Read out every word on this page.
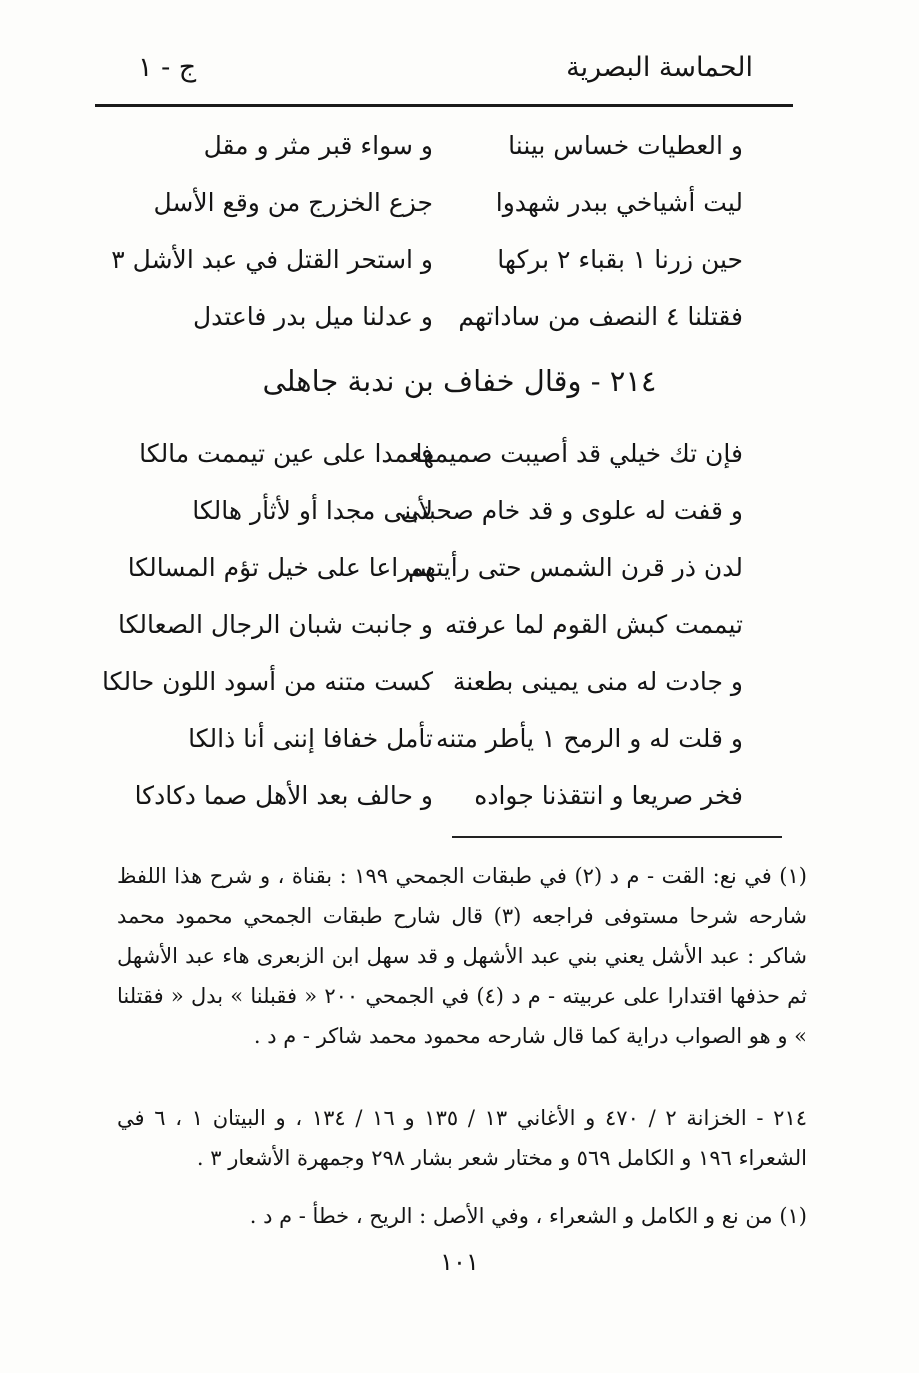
الحماسة البصرية
ج - ١
و العطيات خساس بيننا
و سواء قبر مثر و مقل
ليت أشياخي ببدر شهدوا
جزع الخزرج من وقع الأسل
حين زرنا ١ بقباء ٢ بركها
و استحر القتل في عبد الأشل ٣
فقتلنا ٤ النصف من ساداتهم
و عدلنا ميل بدر فاعتدل
٢١٤ - وقال خفاف بن ندبة جاهلى
فإن تك خيلي قد أصيبت صميمها
فعمدا على عين تيممت مالكا
و قفت له علوى و قد خام صحبتى
لأبنى مجدا أو لأثأر هالكا
لدن ذر قرن الشمس حتى رأيتهم
سراعا على خيل تؤم المسالكا
تيممت كبش القوم لما عرفته
و جانبت شبان الرجال الصعالكا
و جادت له منى يمينى بطعنة
كست متنه من أسود اللون حالكا
و قلت له و الرمح ١ يأطر متنه
تأمل خفافا إننى أنا ذالكا
فخر صريعا و انتقذنا جواده
و حالف بعد الأهل صما دكادكا

(١) في نع: القت - م د (٢) في طبقات الجمحي ١٩٩ : بقناة ، و شرح هذا اللفظ شارحه شرحا مستوفى فراجعه (٣) قال شارح طبقات الجمحي محمود محمد شاكر : عبد الأشل يعني بني عبد الأشهل و قد سهل ابن الزبعرى هاء عبد الأشهل ثم حذفها اقتدارا على عربيته - م د (٤) في الجمحي ٢٠٠ « فقبلنا » بدل « فقتلنا » و هو الصواب دراية كما قال شارحه محمود محمد شاكر - م د .

٢١٤ - الخزانة ٢ / ٤٧٠ و الأغاني ١٣ / ١٣٥ و ١٦ / ١٣٤ ، و البيتان ١ ، ٦ في الشعراء ١٩٦ و الكامل ٥٦٩ و مختار شعر بشار ٢٩٨ وجمهرة الأشعار ٣ .

(١) من نع و الكامل و الشعراء ، وفي الأصل : الريح ، خطأ - م د .

١٠١
